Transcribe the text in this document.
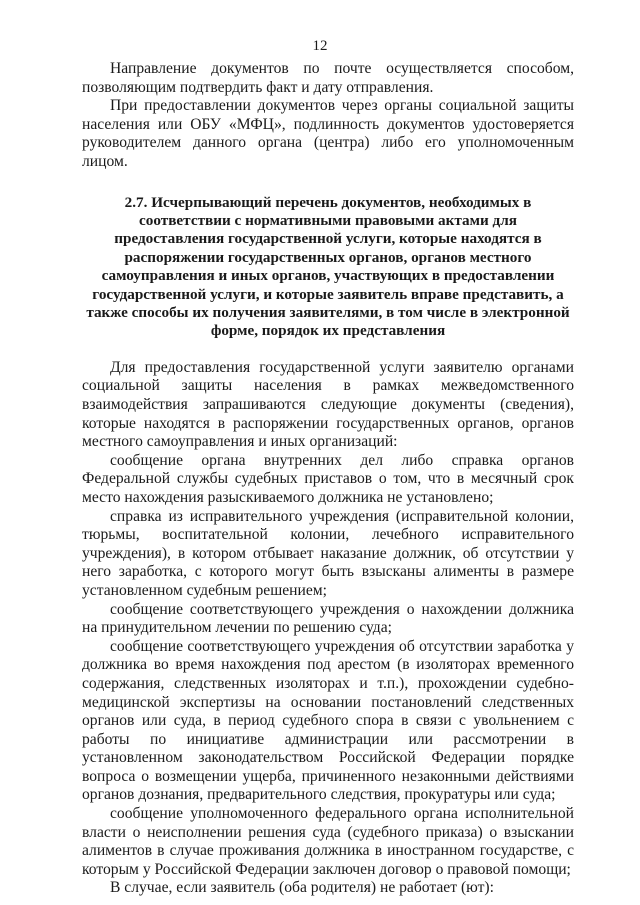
12

Направление документов по почте осуществляется способом, позволяющим подтвердить факт и дату отправления.

При предоставлении документов через органы социальной защиты населения или ОБУ «МФЦ», подлинность документов удостоверяется руководителем данного органа (центра) либо его уполномоченным лицом.

2.7. Исчерпывающий перечень документов, необходимых в соответствии с нормативными правовыми актами для предоставления государственной услуги, которые находятся в распоряжении государственных органов, органов местного самоуправления и иных органов, участвующих в предоставлении государственной услуги, и которые заявитель вправе представить, а также способы их получения заявителями, в том числе в электронной форме, порядок их представления

Для предоставления государственной услуги заявителю органами социальной защиты населения в рамках межведомственного взаимодействия запрашиваются следующие документы (сведения), которые находятся в распоряжении государственных органов, органов местного самоуправления и иных организаций:

сообщение органа внутренних дел либо справка органов Федеральной службы судебных приставов о том, что в месячный срок место нахождения разыскиваемого должника не установлено;

справка из исправительного учреждения (исправительной колонии, тюрьмы, воспитательной колонии, лечебного исправительного учреждения), в котором отбывает наказание должник, об отсутствии у него заработка, с которого могут быть взысканы алименты в размере установленном судебным решением;

сообщение соответствующего учреждения о нахождении должника на принудительном лечении по решению суда;

сообщение соответствующего учреждения об отсутствии заработка у должника во время нахождения под арестом (в изоляторах временного содержания, следственных изоляторах и т.п.), прохождении судебно-медицинской экспертизы на основании постановлений следственных органов или суда, в период судебного спора в связи с увольнением с работы по инициативе администрации или рассмотрении в установленном законодательством Российской Федерации порядке вопроса о возмещении ущерба, причиненного незаконными действиями органов дознания, предварительного следствия, прокуратуры или суда;

сообщение уполномоченного федерального органа исполнительной власти о неисполнении решения суда (судебного приказа) о взыскании алиментов в случае проживания должника в иностранном государстве, с которым у Российской Федерации заключен договор о правовой помощи;

В случае, если заявитель (оба родителя) не работает (ют):
